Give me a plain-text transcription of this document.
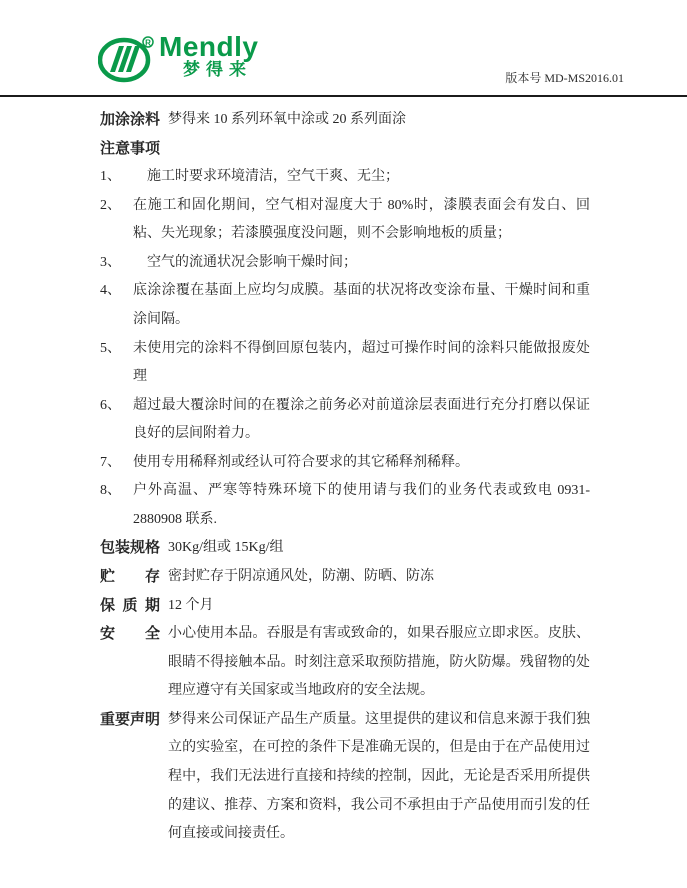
R Mendly
梦得来	版本号 MD-MS2016.01
加涂涂料 梦得来 10 系列环氧中涂或 20 系列面涂
注意事项
1、 　施工时要求环境清洁，空气干爽、无尘；
2、 在施工和固化期间，空气相对湿度大于 80%时，漆膜表面会有发白、回粘、失光现象；若漆膜强度没问题，则不会影响地板的质量；
3、 　空气的流通状况会影响干燥时间；
4、 底涂涂覆在基面上应均匀成膜。基面的状况将改变涂布量、干燥时间和重涂间隔。
5、 未使用完的涂料不得倒回原包装内，超过可操作时间的涂料只能做报废处理
6、 超过最大覆涂时间的在覆涂之前务必对前道涂层表面进行充分打磨以保证良好的层间附着力。
7、 使用专用稀释剂或经认可符合要求的其它稀释剂稀释。
8、 户外高温、严寒等特殊环境下的使用请与我们的业务代表或致电 0931-2880908 联系.
包装规格 30Kg/组或 15Kg/组
贮存 密封贮存于阴凉通风处，防潮、防晒、防冻
保质期 12 个月
安全 小心使用本品。吞服是有害或致命的，如果吞服应立即求医。皮肤、眼睛不得接触本品。时刻注意采取预防措施，防火防爆。残留物的处理应遵守有关国家或当地政府的安全法规。
重要声明 梦得来公司保证产品生产质量。这里提供的建议和信息来源于我们独立的实验室，在可控的条件下是准确无误的，但是由于在产品使用过程中，我们无法进行直接和持续的控制，因此，无论是否采用所提供的建议、推荐、方案和资料，我公司不承担由于产品使用而引发的任何直接或间接责任。
